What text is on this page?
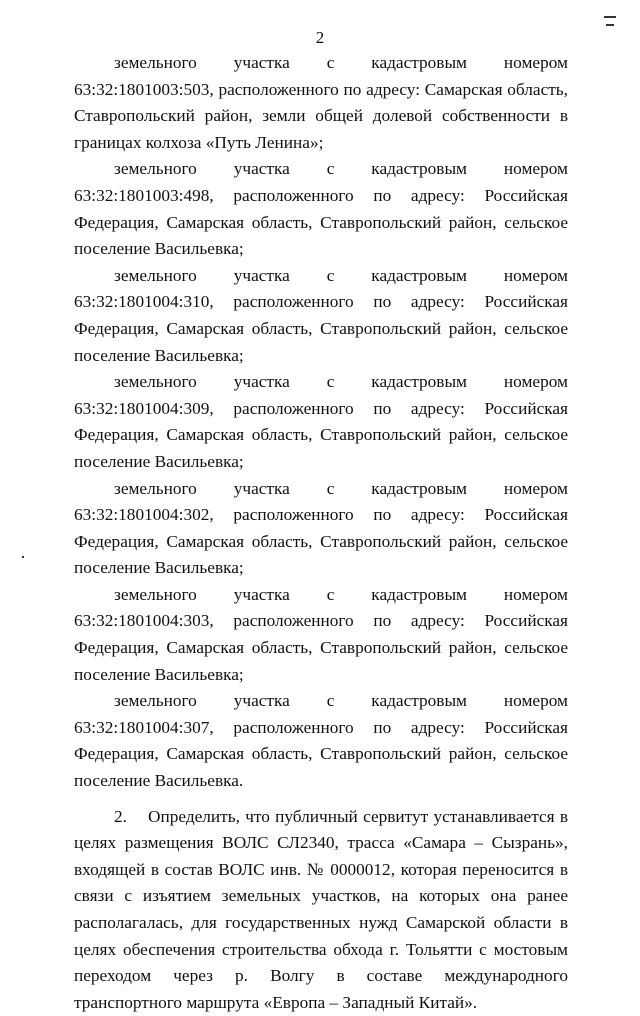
2

земельного участка с кадастровым номером 63:32:1801003:503, расположенного по адресу: Самарская область, Ставропольский район, земли общей долевой собственности в границах колхоза «Путь Ленина»;

земельного участка с кадастровым номером 63:32:1801003:498, расположенного по адресу: Российская Федерация, Самарская область, Ставропольский район, сельское поселение Васильевка;

земельного участка с кадастровым номером 63:32:1801004:310, расположенного по адресу: Российская Федерация, Самарская область, Ставропольский район, сельское поселение Васильевка;

земельного участка с кадастровым номером 63:32:1801004:309, расположенного по адресу: Российская Федерация, Самарская область, Ставропольский район, сельское поселение Васильевка;

земельного участка с кадастровым номером 63:32:1801004:302, расположенного по адресу: Российская Федерация, Самарская область, Ставропольский район, сельское поселение Васильевка;

земельного участка с кадастровым номером 63:32:1801004:303, расположенного по адресу: Российская Федерация, Самарская область, Ставропольский район, сельское поселение Васильевка;

земельного участка с кадастровым номером 63:32:1801004:307, расположенного по адресу: Российская Федерация, Самарская область, Ставропольский район, сельское поселение Васильевка.

2. Определить, что публичный сервитут устанавливается в целях размещения ВОЛС СЛ2340, трасса «Самара – Сызрань», входящей в состав ВОЛС инв. № 0000012, которая переносится в связи с изъятием земельных участков, на которых она ранее располагалась, для государственных нужд Самарской области в целях обеспечения строительства обхода г. Тольятти с мостовым переходом через р. Волгу в составе международного транспортного маршрута «Европа – Западный Китай».
